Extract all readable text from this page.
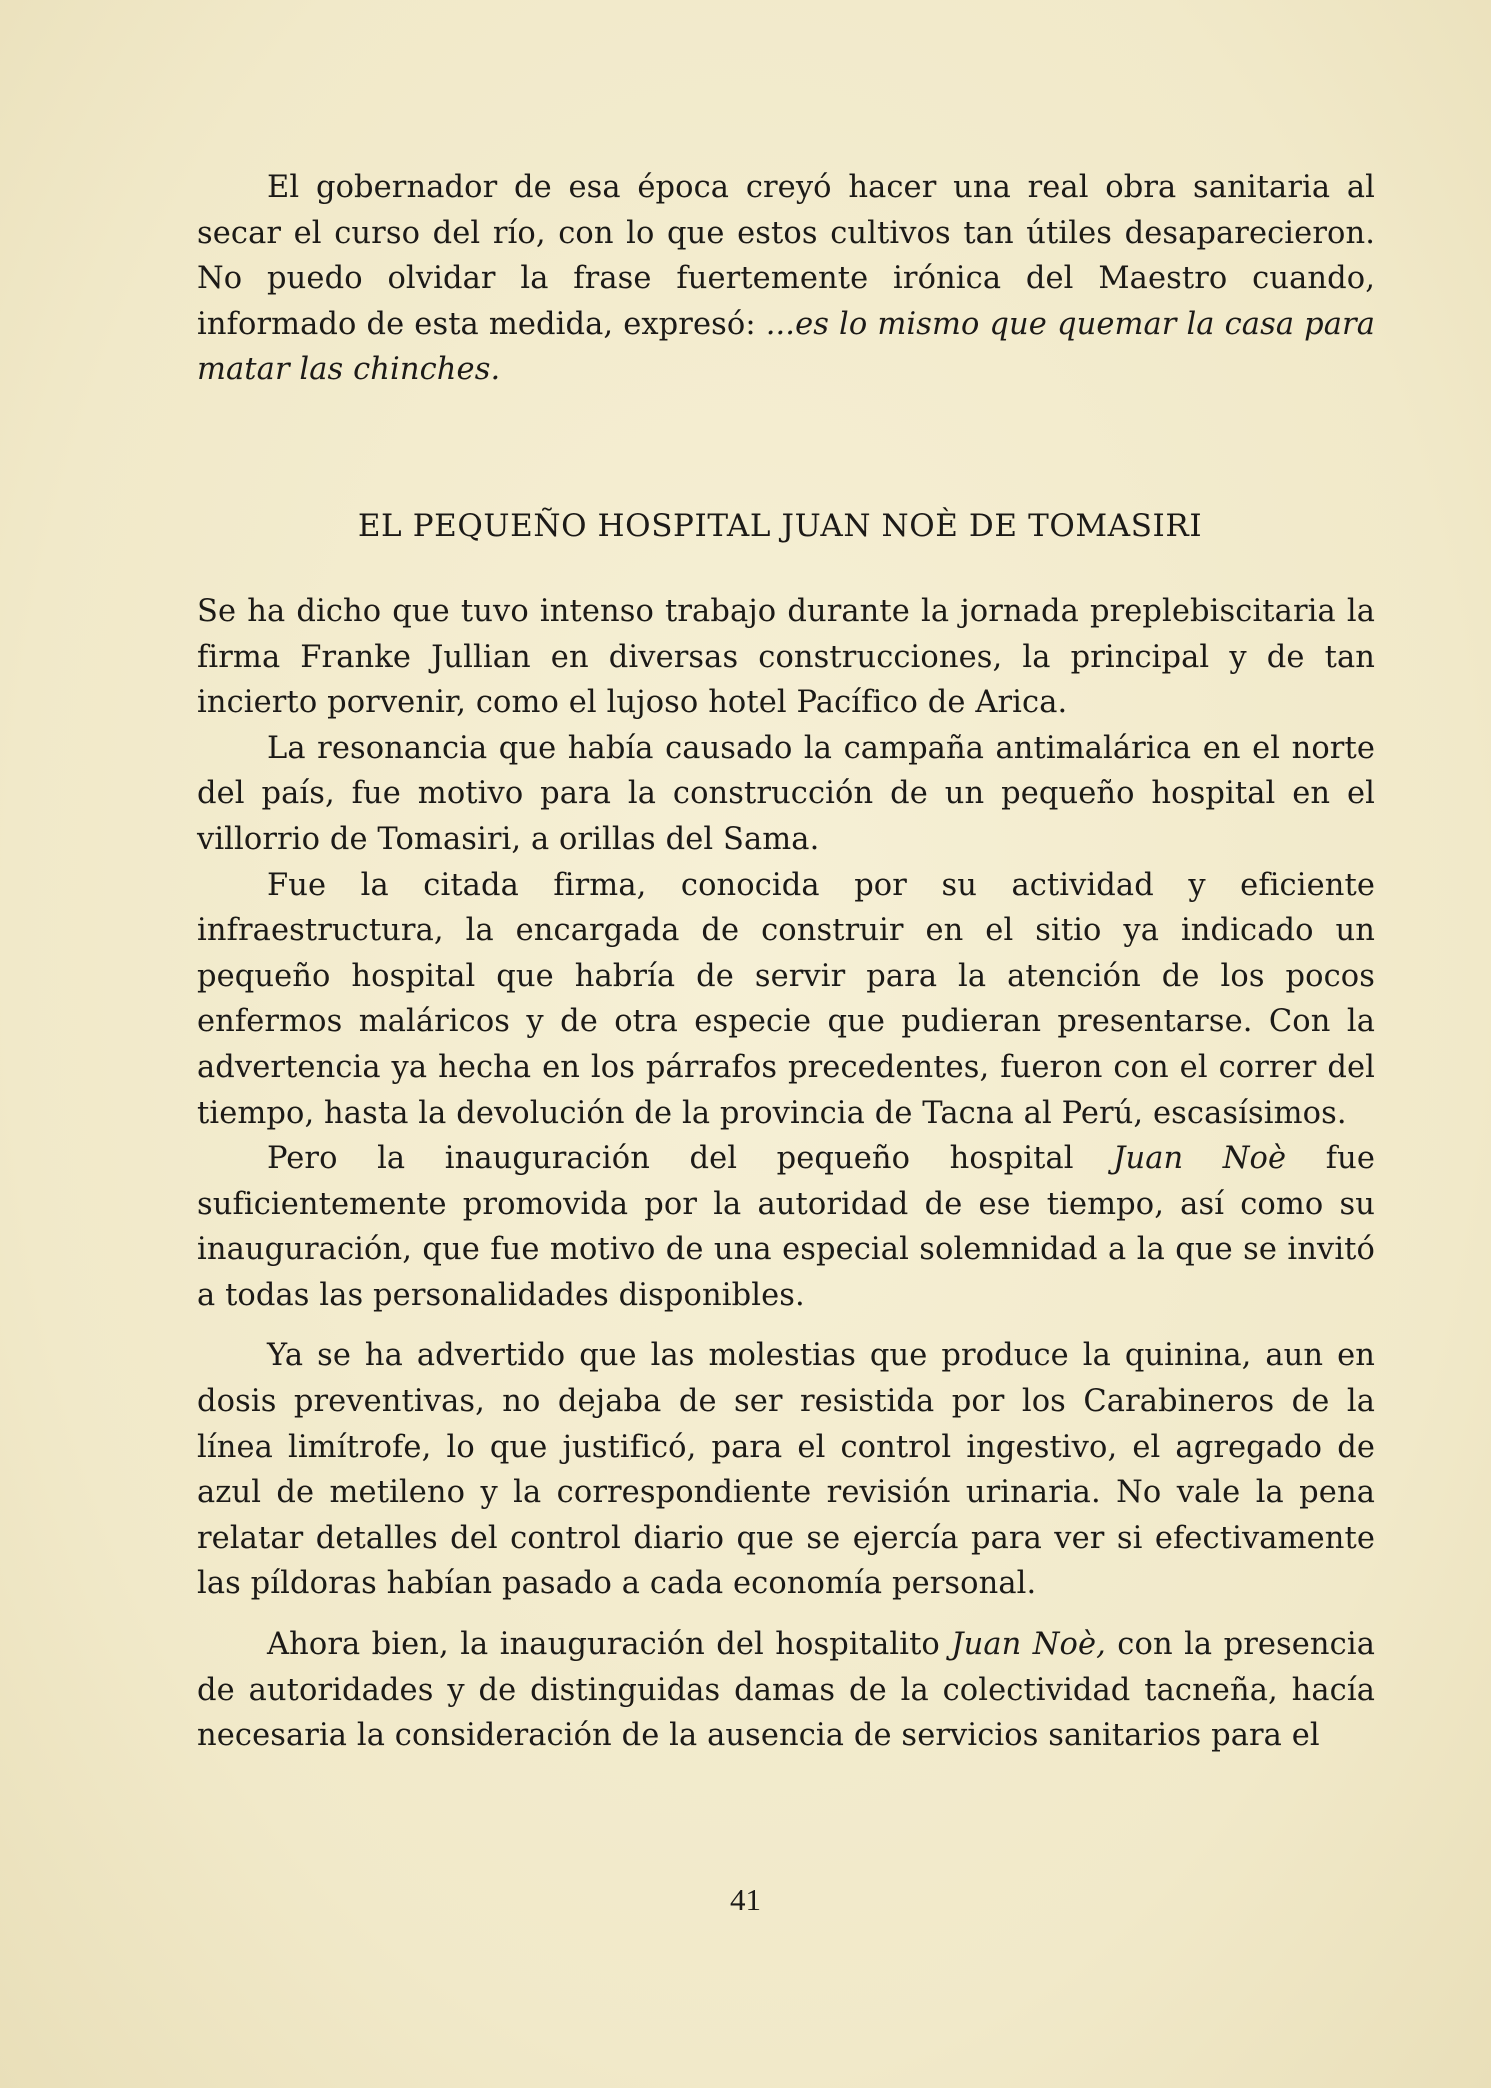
El gobernador de esa época creyó hacer una real obra sanitaria al secar el curso del río, con lo que estos cultivos tan útiles desaparecieron. No puedo olvidar la frase fuertemente irónica del Maestro cuando, informado de esta medida, expresó: ...es lo mismo que quemar la casa para matar las chinches.

EL PEQUEÑO HOSPITAL JUAN NOÈ DE TOMASIRI

Se ha dicho que tuvo intenso trabajo durante la jornada preplebiscitaria la firma Franke Jullian en diversas construcciones, la principal y de tan incierto porvenir, como el lujoso hotel Pacífico de Arica.

La resonancia que había causado la campaña antimalárica en el norte del país, fue motivo para la construcción de un pequeño hospital en el villorrio de Tomasiri, a orillas del Sama.

Fue la citada firma, conocida por su actividad y eficiente infraestructura, la encargada de construir en el sitio ya indicado un pequeño hospital que habría de servir para la atención de los pocos enfermos maláricos y de otra especie que pudieran presentarse. Con la advertencia ya hecha en los párrafos precedentes, fueron con el correr del tiempo, hasta la devolución de la provincia de Tacna al Perú, escasísimos.

Pero la inauguración del pequeño hospital Juan Noè fue suficientemente promovida por la autoridad de ese tiempo, así como su inauguración, que fue motivo de una especial solemnidad a la que se invitó a todas las personalidades disponibles.

Ya se ha advertido que las molestias que produce la quinina, aun en dosis preventivas, no dejaba de ser resistida por los Carabineros de la línea limítrofe, lo que justificó, para el control ingestivo, el agregado de azul de metileno y la correspondiente revisión urinaria. No vale la pena relatar detalles del control diario que se ejercía para ver si efectivamente las píldoras habían pasado a cada economía personal.

Ahora bien, la inauguración del hospitalito Juan Noè, con la presencia de autoridades y de distinguidas damas de la colectividad tacneña, hacía necesaria la consideración de la ausencia de servicios sanitarios para el

41
